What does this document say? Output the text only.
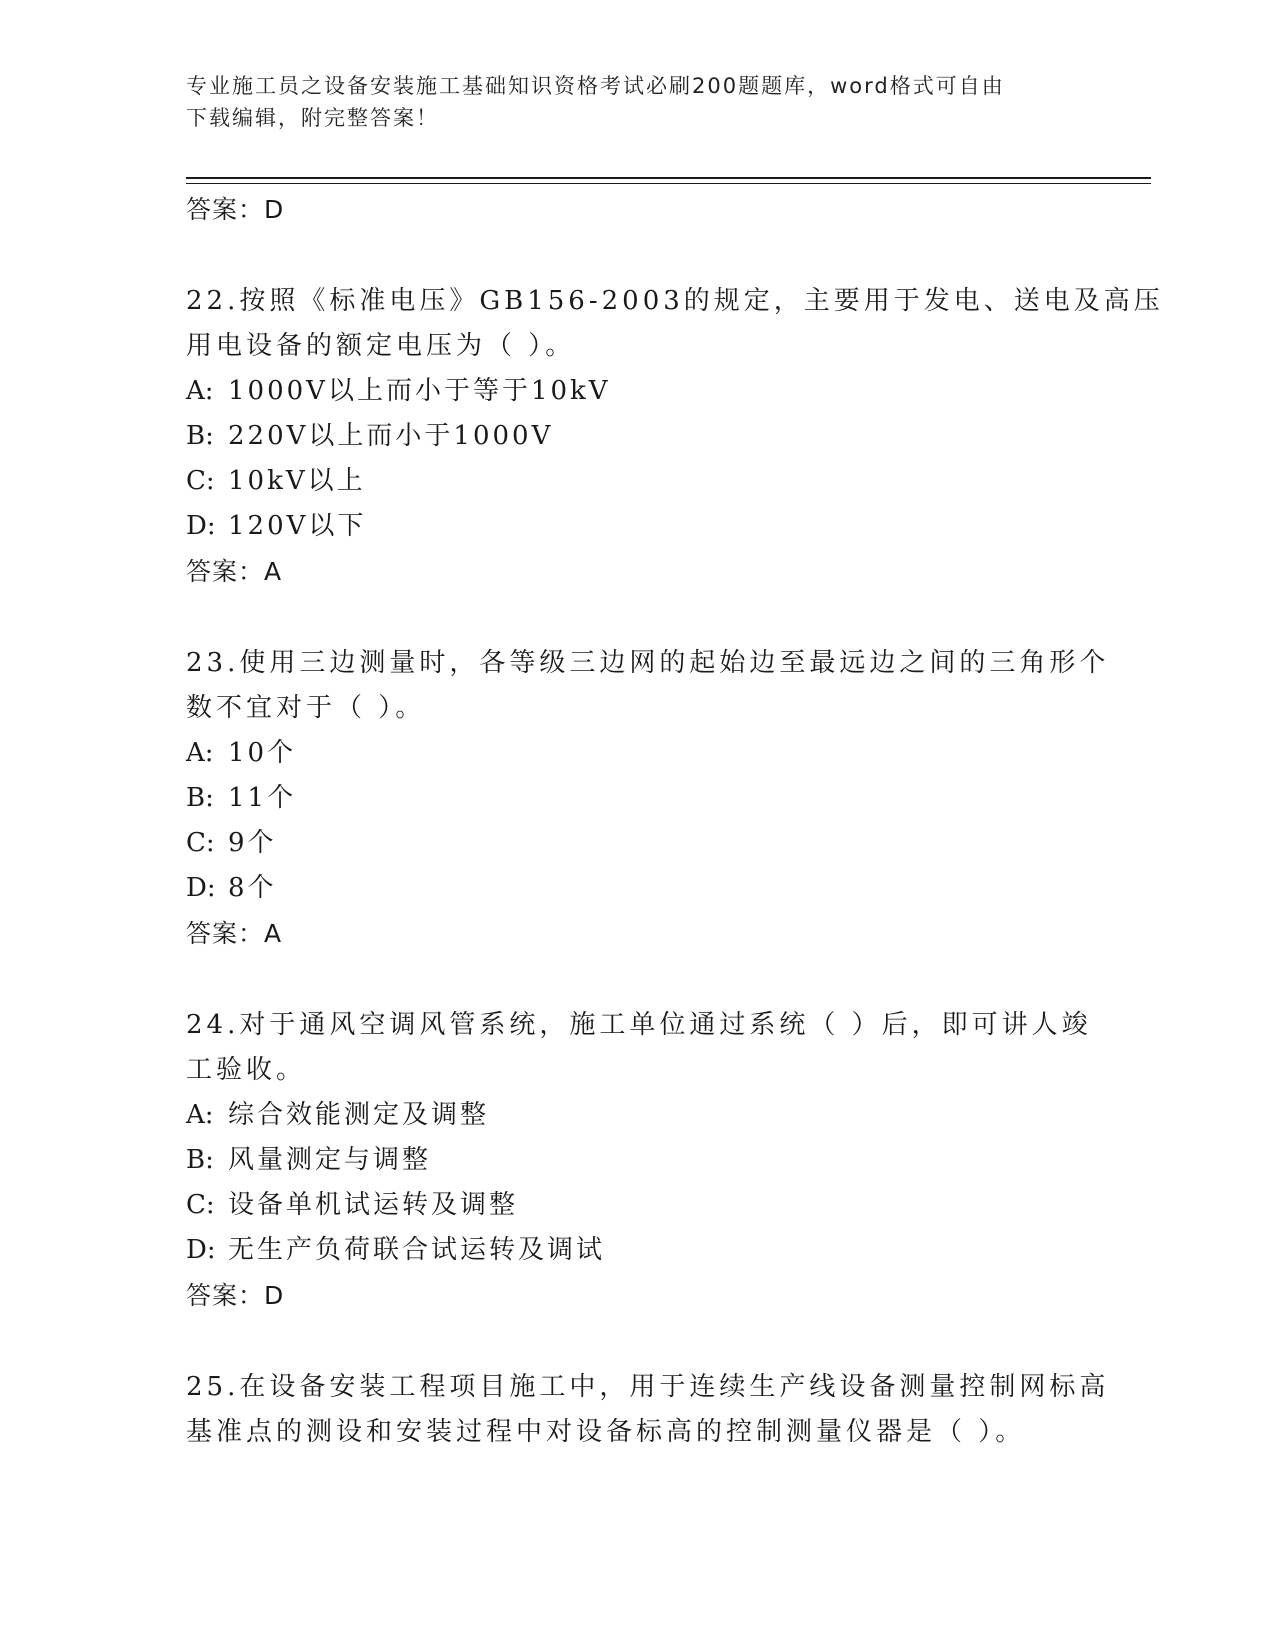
专业施工员之设备安装施工基础知识资格考试必刷200题题库，word格式可自由
下载编辑，附完整答案！
答案：D
22.按照《标准电压》GB156-2003的规定，主要用于发电、送电及高压
用电设备的额定电压为（ ）。
A: 1000V以上而小于等于10kV
B: 220V以上而小于1000V
C: 10kV以上
D: 120V以下
答案：A
23.使用三边测量时，各等级三边网的起始边至最远边之间的三角形个
数不宜对于（ ）。
A: 10个
B: 11个
C: 9个
D: 8个
答案：A
24.对于通风空调风管系统，施工单位通过系统（ ）后，即可讲人竣
工验收。
A: 综合效能测定及调整
B: 风量测定与调整
C: 设备单机试运转及调整
D: 无生产负荷联合试运转及调试
答案：D
25.在设备安装工程项目施工中，用于连续生产线设备测量控制网标高
基准点的测设和安装过程中对设备标高的控制测量仪器是（ ）。
